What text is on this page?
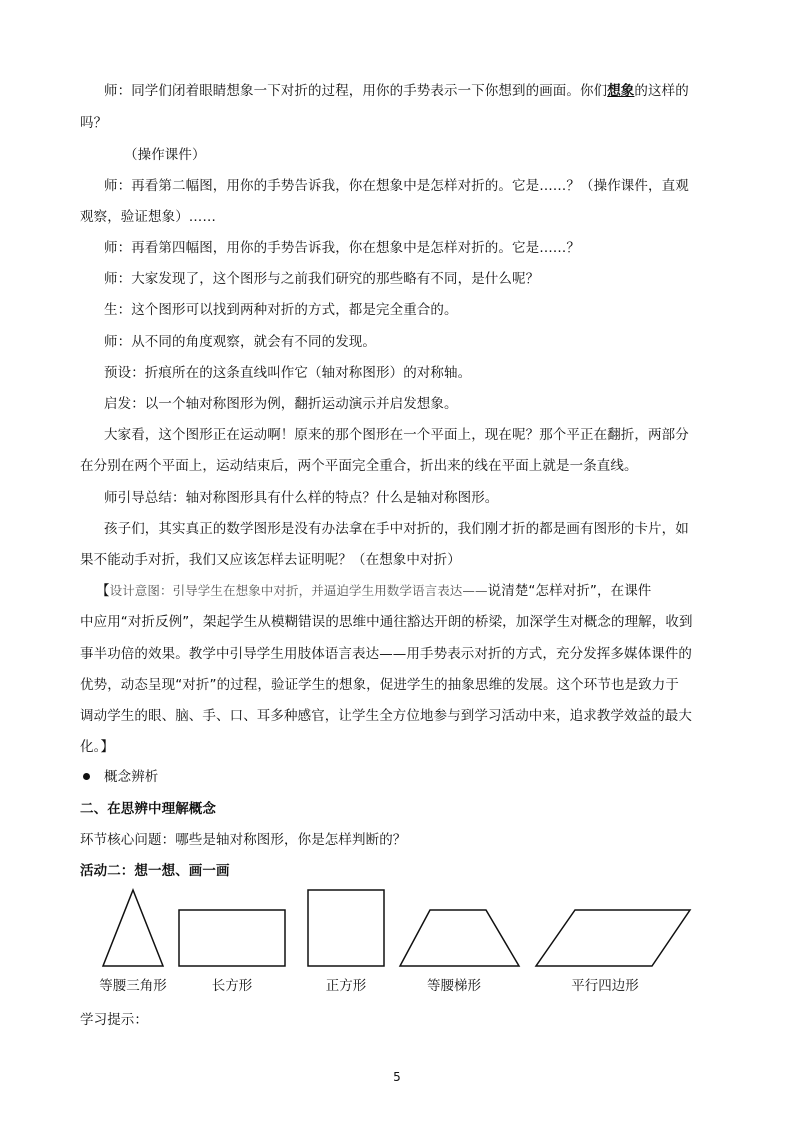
师：同学们闭着眼睛想象一下对折的过程，用你的手势表示一下你想到的画面。你们想象的这样的
吗？
（操作课件）
师：再看第二幅图，用你的手势告诉我，你在想象中是怎样对折的。它是……？（操作课件，直观
观察，验证想象）……
师：再看第四幅图，用你的手势告诉我，你在想象中是怎样对折的。它是……？
师：大家发现了，这个图形与之前我们研究的那些略有不同，是什么呢？
生：这个图形可以找到两种对折的方式，都是完全重合的。
师：从不同的角度观察，就会有不同的发现。
预设：折痕所在的这条直线叫作它（轴对称图形）的对称轴。
启发：以一个轴对称图形为例，翻折运动演示并启发想象。
大家看，这个图形正在运动啊！原来的那个图形在一个平面上，现在呢？那个平正在翻折，两部分
在分别在两个平面上，运动结束后，两个平面完全重合，折出来的线在平面上就是一条直线。
师引导总结：轴对称图形具有什么样的特点？什么是轴对称图形。
孩子们，其实真正的数学图形是没有办法拿在手中对折的，我们刚才折的都是画有图形的卡片，如
果不能动手对折，我们又应该怎样去证明呢？（在想象中对折）
【设计意图：引导学生在想象中对折，并逼迫学生用数学语言表达——说清楚“怎样对折”，在课件
中应用“对折反例”，架起学生从模糊错误的思维中通往豁达开朗的桥梁，加深学生对概念的理解，收到
事半功倍的效果。教学中引导学生用肢体语言表达——用手势表示对折的方式，充分发挥多媒体课件的
优势，动态呈现“对折”的过程，验证学生的想象，促进学生的抽象思维的发展。这个环节也是致力于
调动学生的眼、脑、手、口、耳多种感官，让学生全方位地参与到学习活动中来，追求教学效益的最大
化。】
概念辨析
二、在思辨中理解概念
环节核心问题：哪些是轴对称图形，你是怎样判断的？
活动二：想一想、画一画
等腰三角形	长方形	正方形	等腰梯形	平行四边形
学习提示：
5
